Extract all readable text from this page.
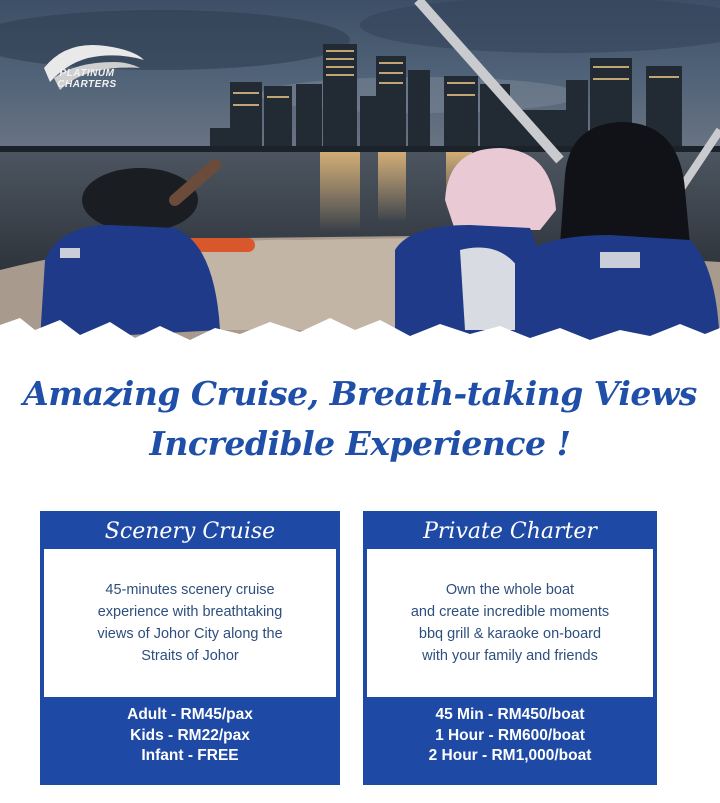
PLATINUM
CHARTERS
Amazing Cruise, Breath-taking Views
Incredible Experience !
Scenery Cruise

45-minutes scenery cruise
experience with breathtaking
views of Johor City along the
Straits of Johor

Adult - RM45/pax
Kids - RM22/pax
Infant - FREE
Private Charter

Own the whole boat
and create incredible moments
bbq grill & karaoke on-board
with your family and friends

45 Min - RM450/boat
1 Hour - RM600/boat
2 Hour - RM1,000/boat
